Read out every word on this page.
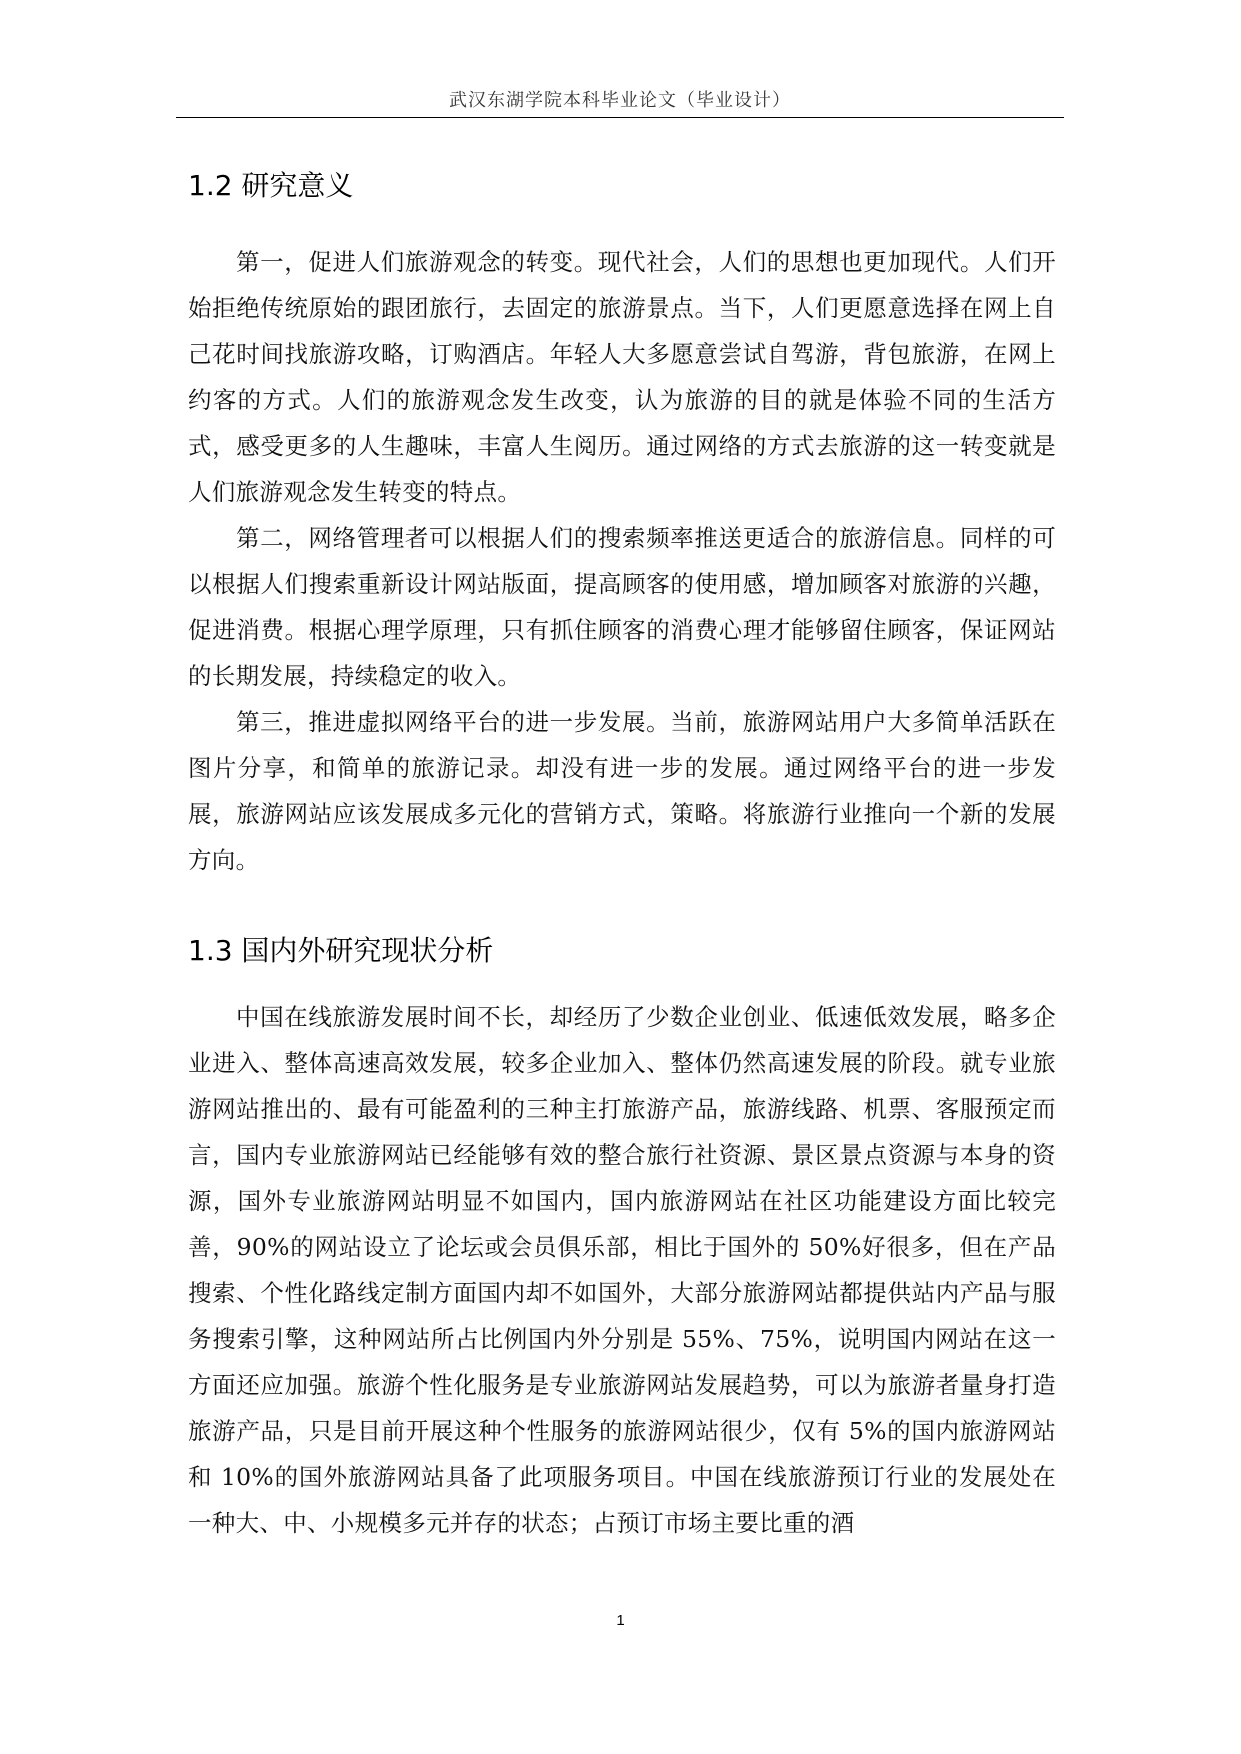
武汉东湖学院本科毕业论文（毕业设计）
1.2 研究意义

第一，促进人们旅游观念的转变。现代社会，人们的思想也更加现代。人们开始拒绝传统原始的跟团旅行，去固定的旅游景点。当下，人们更愿意选择在网上自己花时间找旅游攻略，订购酒店。年轻人大多愿意尝试自驾游，背包旅游，在网上约客的方式。人们的旅游观念发生改变，认为旅游的目的就是体验不同的生活方式，感受更多的人生趣味，丰富人生阅历。通过网络的方式去旅游的这一转变就是人们旅游观念发生转变的特点。

第二，网络管理者可以根据人们的搜索频率推送更适合的旅游信息。同样的可以根据人们搜索重新设计网站版面，提高顾客的使用感，增加顾客对旅游的兴趣，促进消费。根据心理学原理，只有抓住顾客的消费心理才能够留住顾客，保证网站的长期发展，持续稳定的收入。

第三，推进虚拟网络平台的进一步发展。当前，旅游网站用户大多简单活跃在图片分享，和简单的旅游记录。却没有进一步的发展。通过网络平台的进一步发展，旅游网站应该发展成多元化的营销方式，策略。将旅游行业推向一个新的发展方向。

1.3 国内外研究现状分析

中国在线旅游发展时间不长，却经历了少数企业创业、低速低效发展，略多企业进入、整体高速高效发展，较多企业加入、整体仍然高速发展的阶段。就专业旅游网站推出的、最有可能盈利的三种主打旅游产品，旅游线路、机票、客服预定而言，国内专业旅游网站已经能够有效的整合旅行社资源、景区景点资源与本身的资源，国外专业旅游网站明显不如国内，国内旅游网站在社区功能建设方面比较完善，90%的网站设立了论坛或会员俱乐部，相比于国外的 50%好很多，但在产品搜索、个性化路线定制方面国内却不如国外，大部分旅游网站都提供站内产品与服务搜索引擎，这种网站所占比例国内外分别是 55%、75%，说明国内网站在这一方面还应加强。旅游个性化服务是专业旅游网站发展趋势，可以为旅游者量身打造旅游产品，只是目前开展这种个性服务的旅游网站很少，仅有 5%的国内旅游网站和 10%的国外旅游网站具备了此项服务项目。中国在线旅游预订行业的发展处在一种大、中、小规模多元并存的状态；占预订市场主要比重的酒

1
